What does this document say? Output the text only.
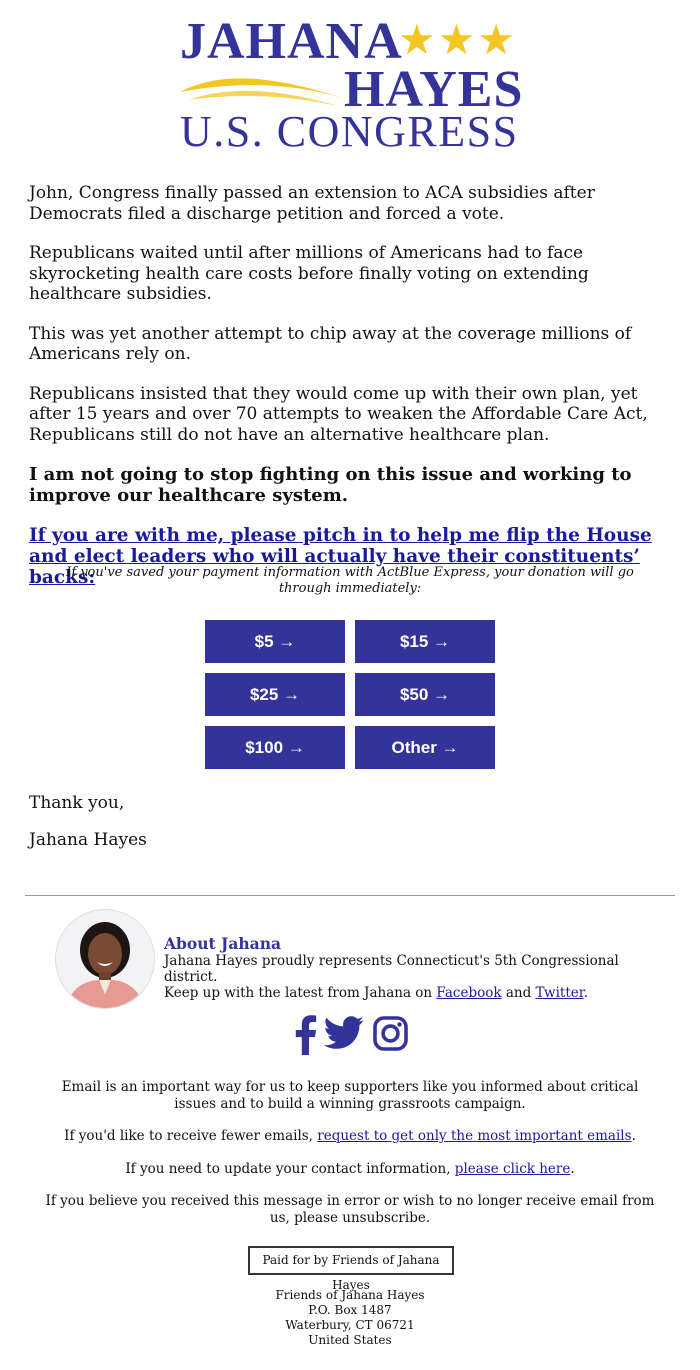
JAHANA
★★★
HAYES
U.S. CONGRESS

John, Congress finally passed an extension to ACA subsidies after Democrats filed a discharge petition and forced a vote.

Republicans waited until after millions of Americans had to face skyrocketing health care costs before finally voting on extending healthcare subsidies.

This was yet another attempt to chip away at the coverage millions of Americans rely on.

Republicans insisted that they would come up with their own plan, yet after 15 years and over 70 attempts to weaken the Affordable Care Act, Republicans still do not have an alternative healthcare plan.

I am not going to stop fighting on this issue and working to improve our healthcare system.

If you are with me, please pitch in to help me flip the House and elect leaders who will actually have their constituents’ backs:
If you've saved your payment information with ActBlue Express, your donation will go through immediately:
$5 →	$15 →
$25 →	$50 →
$100 →	Other →
Thank you,
Jahana Hayes
About Jahana
Jahana Hayes proudly represents Connecticut's 5th Congressional district.
Keep up with the latest from Jahana on Facebook and Twitter.

Email is an important way for us to keep supporters like you informed about critical issues and to build a winning grassroots campaign.

If you'd like to receive fewer emails, request to get only the most important emails.

If you need to update your contact information, please click here.

If you believe you received this message in error or wish to no longer receive email from us, please unsubscribe.

Paid for by Friends of Jahana Hayes
Friends of Jahana Hayes
P.O. Box 1487
Waterbury, CT 06721
United States
